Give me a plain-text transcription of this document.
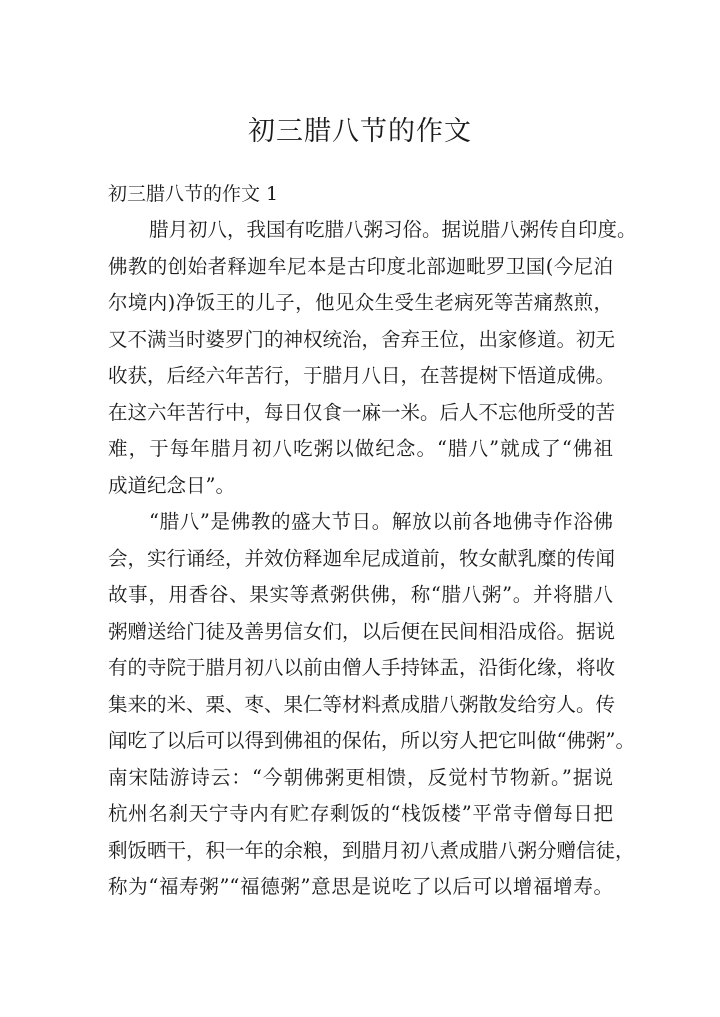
初三腊八节的作文
初三腊八节的作文 1
腊月初八，我国有吃腊八粥习俗。据说腊八粥传自印度。
佛教的创始者释迦牟尼本是古印度北部迦毗罗卫国(今尼泊
尔境内)净饭王的儿子，他见众生受生老病死等苦痛熬煎，
又不满当时婆罗门的神权统治，舍弃王位，出家修道。初无
收获，后经六年苦行，于腊月八日，在菩提树下悟道成佛。
在这六年苦行中，每日仅食一麻一米。后人不忘他所受的苦
难，于每年腊月初八吃粥以做纪念。“腊八”就成了“佛祖
成道纪念日”。
“腊八”是佛教的盛大节日。解放以前各地佛寺作浴佛
会，实行诵经，并效仿释迦牟尼成道前，牧女献乳糜的传闻
故事，用香谷、果实等煮粥供佛，称“腊八粥”。并将腊八
粥赠送给门徒及善男信女们，以后便在民间相沿成俗。据说
有的寺院于腊月初八以前由僧人手持钵盂，沿街化缘，将收
集来的米、栗、枣、果仁等材料煮成腊八粥散发给穷人。传
闻吃了以后可以得到佛祖的保佑，所以穷人把它叫做“佛粥”。
南宋陆游诗云：“今朝佛粥更相馈，反觉村节物新。”据说
杭州名刹天宁寺内有贮存剩饭的“栈饭楼”平常寺僧每日把
剩饭晒干，积一年的余粮，到腊月初八煮成腊八粥分赠信徒，
称为“福寿粥”“福德粥”意思是说吃了以后可以增福增寿。
